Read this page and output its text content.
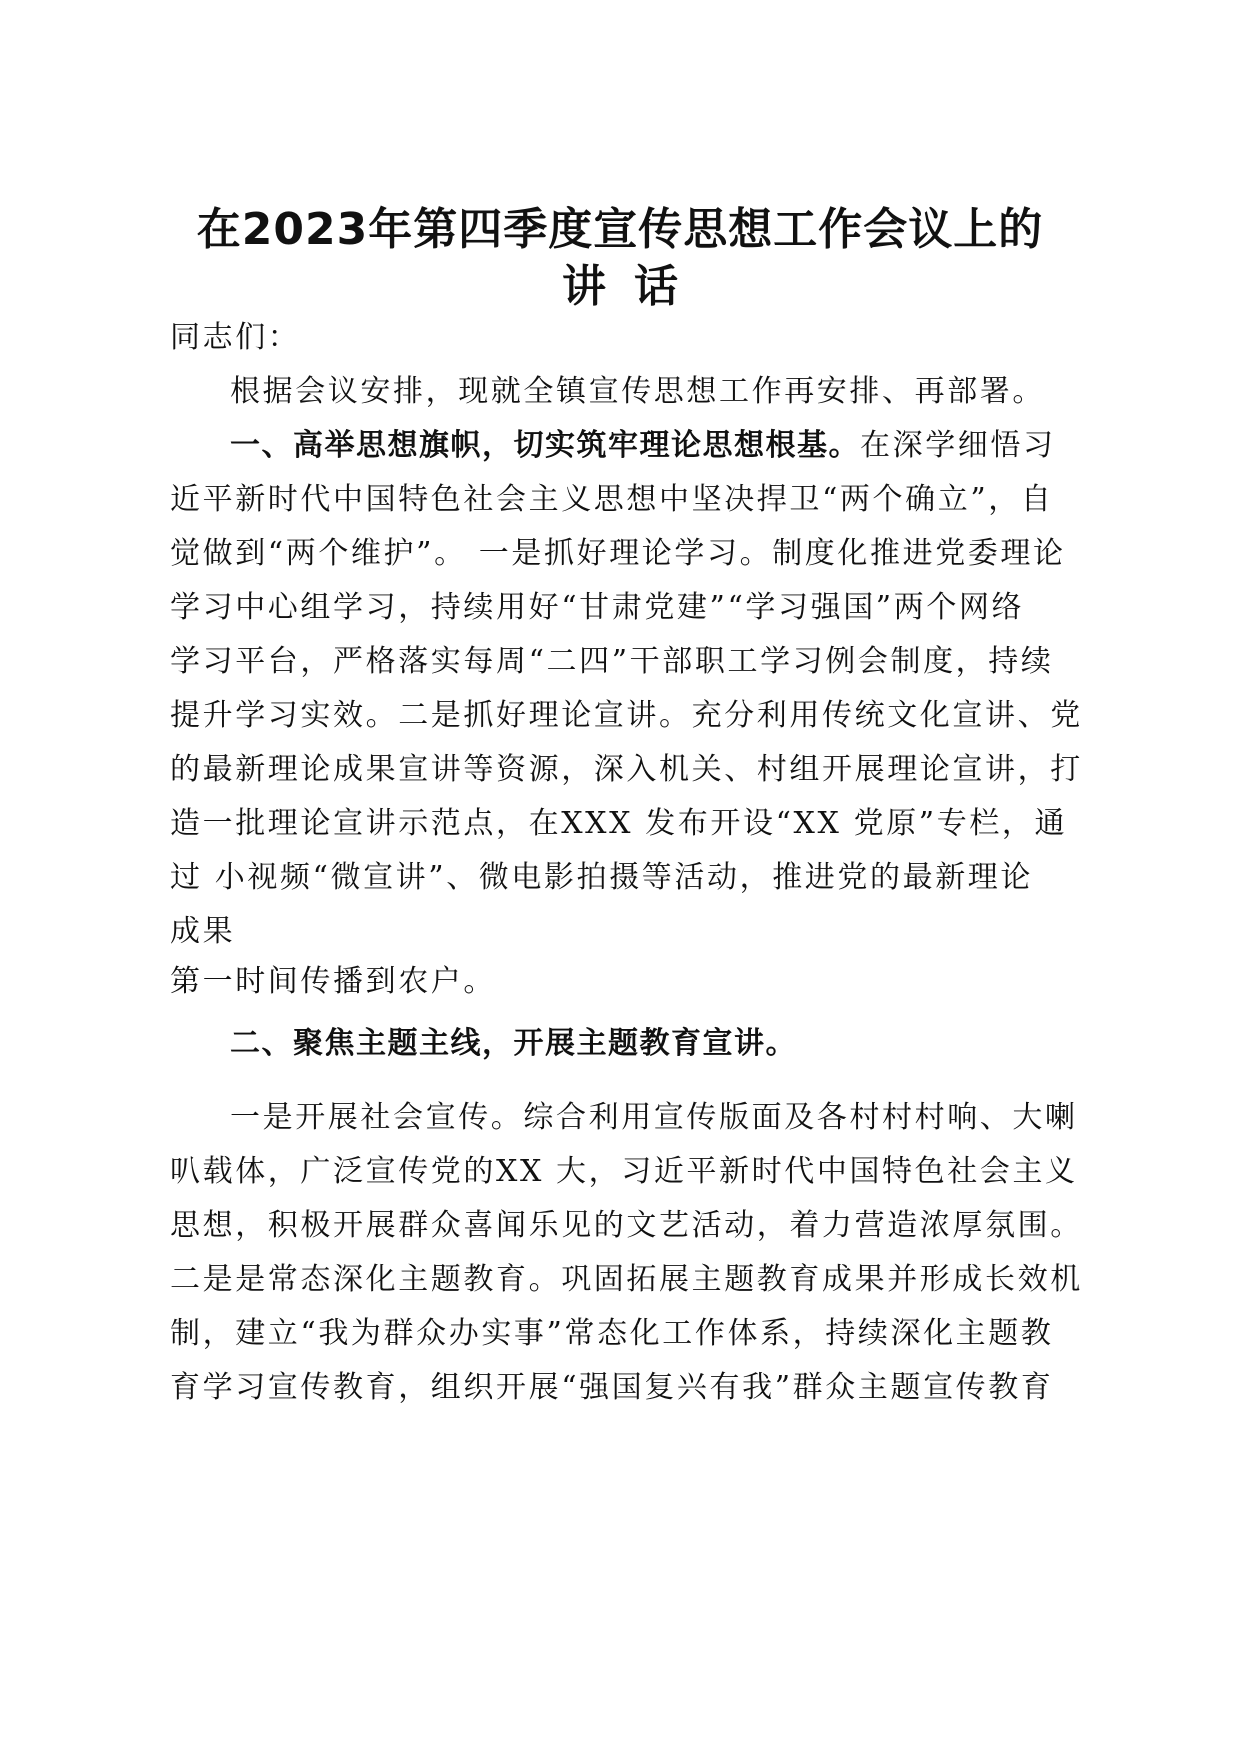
在2023年第四季度宣传思想工作会议上的
讲话

同志们：

根据会议安排，现就全镇宣传思想工作再安排、再部署。

一、高举思想旗帜，切实筑牢理论思想根基。在深学细悟习

近平新时代中国特色社会主义思想中坚决捍卫“两个确立”，自

觉做到“两个维护”。 一是抓好理论学习。制度化推进党委理论

学习中心组学习，持续用好“甘肃党建”“学习强国”两个网络

学习平台，严格落实每周“二四”干部职工学习例会制度，持续

提升学习实效。二是抓好理论宣讲。充分利用传统文化宣讲、党

的最新理论成果宣讲等资源，深入机关、村组开展理论宣讲，打

造一批理论宣讲示范点，在XXX 发布开设“XX 党原”专栏，通

过 小视频“微宣讲”、微电影拍摄等活动，推进党的最新理论

成果

第一时间传播到农户。

二、聚焦主题主线，开展主题教育宣讲。

一是开展社会宣传。综合利用宣传版面及各村村村响、大喇

叭载体，广泛宣传党的XX 大，习近平新时代中国特色社会主义

思想，积极开展群众喜闻乐见的文艺活动，着力营造浓厚氛围。

二是是常态深化主题教育。巩固拓展主题教育成果并形成长效机

制，建立“我为群众办实事”常态化工作体系，持续深化主题教

育学习宣传教育，组织开展“强国复兴有我”群众主题宣传教育
